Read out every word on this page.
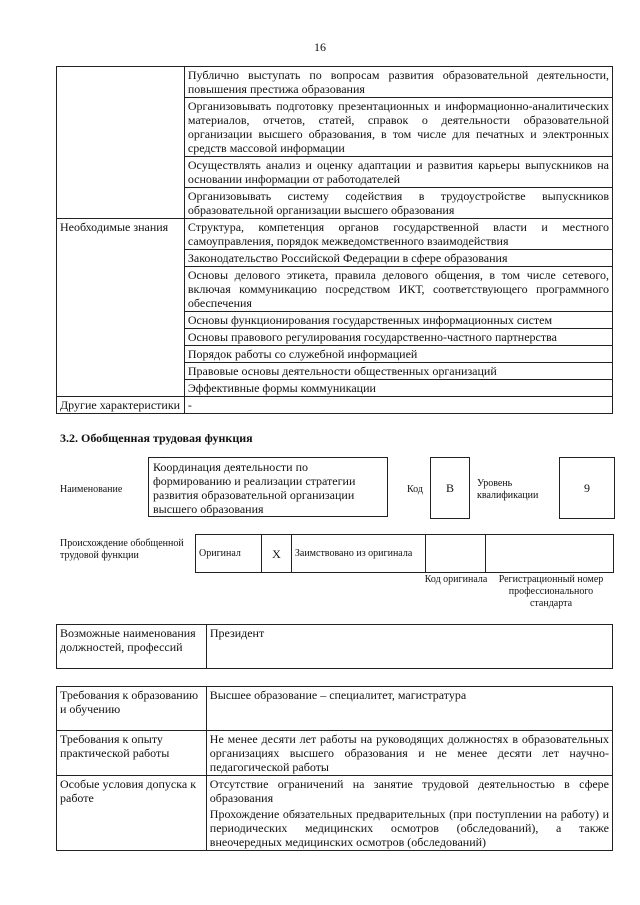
16
	Публично выступать по вопросам развития образовательной деятельности, повышения престижа образования
	Организовывать подготовку презентационных и информационно-аналитических материалов, отчетов, статей, справок о деятельности образовательной организации высшего образования, в том числе для печатных и электронных средств массовой информации
	Осуществлять анализ и оценку адаптации и развития карьеры выпускников на основании информации от работодателей
	Организовывать систему содействия в трудоустройстве выпускников образовательной организации высшего образования
Необходимые знания	Структура, компетенция органов государственной власти и местного самоуправления, порядок межведомственного взаимодействия
	Законодательство Российской Федерации в сфере образования
	Основы делового этикета, правила делового общения, в том числе сетевого, включая коммуникацию посредством ИКТ, соответствующего программного обеспечения
	Основы функционирования государственных информационных систем
	Основы правового регулирования государственно-частного партнерства
	Порядок работы со служебной информацией
	Правовые основы деятельности общественных организаций
	Эффективные формы коммуникации
Другие характеристики	-
3.2. Обобщенная трудовая функция
Наименование
Координация деятельности по формированию и реализации стратегии развития образовательной организации высшего образования
Код	B	Уровень квалификации
9
Происхождение обобщенной трудовой функции	Оригинал	X	Заимствовано из оригинала		
Код оригинала	Регистрационный номер профессионального стандарта
Возможные наименования должностей, профессий	Президент
Требования к образованию и обучению	Высшее образование – специалитет, магистратура
Требования к опыту практической работы	Не менее десяти лет работы на руководящих должностях в образовательных организациях высшего образования и не менее десяти лет научно-педагогической работы
Особые условия допуска к работе	Отсутствие ограничений на занятие трудовой деятельностью в сфере образования
	Прохождение обязательных предварительных (при поступлении на работу) и периодических медицинских осмотров (обследований), а также внеочередных медицинских осмотров (обследований)
